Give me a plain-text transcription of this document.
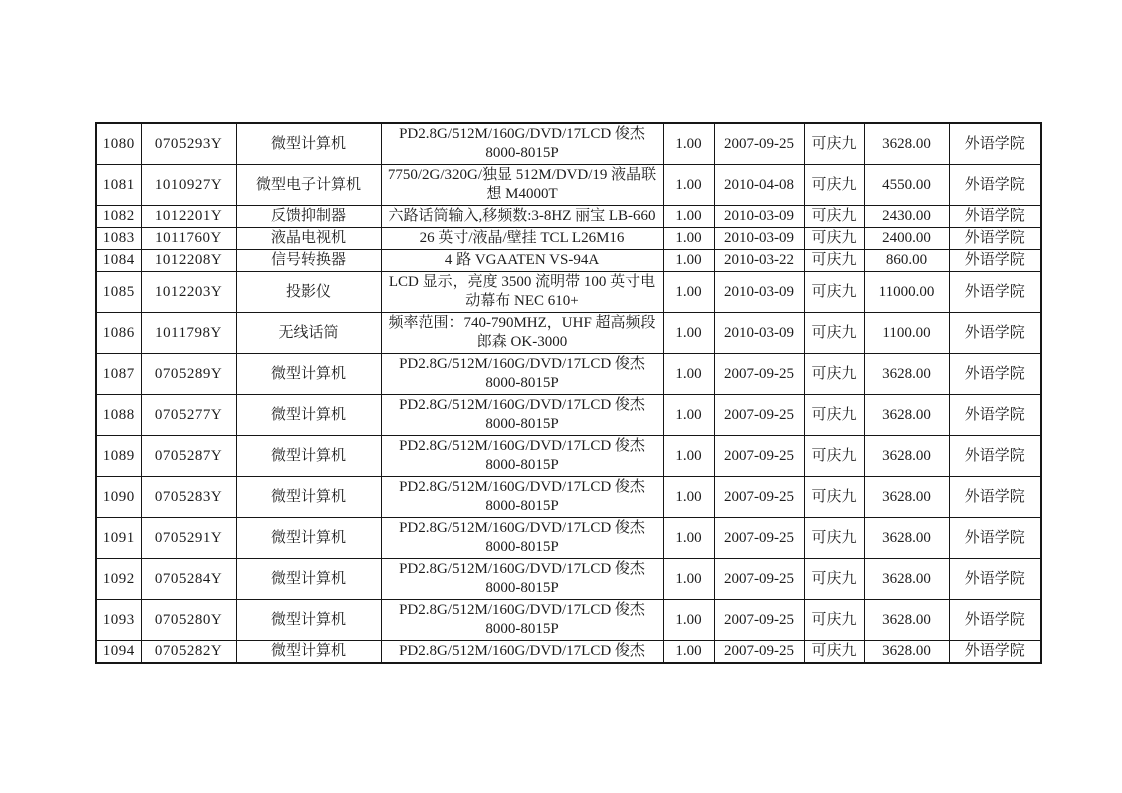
1080	0705293Y	微型计算机	PD2.8G/512M/160G/DVD/17LCD 俊杰 8000-8015P	1.00	2007-09-25	可庆九	3628.00	外语学院
1081	1010927Y	微型电子计算机	7750/2G/320G/独显 512M/DVD/19 液晶联想 M4000T	1.00	2010-04-08	可庆九	4550.00	外语学院
1082	1012201Y	反馈抑制器	六路话筒输入,移频数:3-8HZ 丽宝 LB-660	1.00	2010-03-09	可庆九	2430.00	外语学院
1083	1011760Y	液晶电视机	26 英寸/液晶/壁挂 TCL L26M16	1.00	2010-03-09	可庆九	2400.00	外语学院
1084	1012208Y	信号转换器	4 路 VGAATEN VS-94A	1.00	2010-03-22	可庆九	860.00	外语学院
1085	1012203Y	投影仪	LCD 显示，亮度 3500 流明带 100 英寸电动幕布 NEC 610+	1.00	2010-03-09	可庆九	11000.00	外语学院
1086	1011798Y	无线话筒	频率范围：740-790MHZ，UHF 超高频段郎森 OK-3000	1.00	2010-03-09	可庆九	1100.00	外语学院
1087	0705289Y	微型计算机	PD2.8G/512M/160G/DVD/17LCD 俊杰 8000-8015P	1.00	2007-09-25	可庆九	3628.00	外语学院
1088	0705277Y	微型计算机	PD2.8G/512M/160G/DVD/17LCD 俊杰 8000-8015P	1.00	2007-09-25	可庆九	3628.00	外语学院
1089	0705287Y	微型计算机	PD2.8G/512M/160G/DVD/17LCD 俊杰 8000-8015P	1.00	2007-09-25	可庆九	3628.00	外语学院
1090	0705283Y	微型计算机	PD2.8G/512M/160G/DVD/17LCD 俊杰 8000-8015P	1.00	2007-09-25	可庆九	3628.00	外语学院
1091	0705291Y	微型计算机	PD2.8G/512M/160G/DVD/17LCD 俊杰 8000-8015P	1.00	2007-09-25	可庆九	3628.00	外语学院
1092	0705284Y	微型计算机	PD2.8G/512M/160G/DVD/17LCD 俊杰 8000-8015P	1.00	2007-09-25	可庆九	3628.00	外语学院
1093	0705280Y	微型计算机	PD2.8G/512M/160G/DVD/17LCD 俊杰 8000-8015P	1.00	2007-09-25	可庆九	3628.00	外语学院
1094	0705282Y	微型计算机	PD2.8G/512M/160G/DVD/17LCD 俊杰	1.00	2007-09-25	可庆九	3628.00	外语学院
